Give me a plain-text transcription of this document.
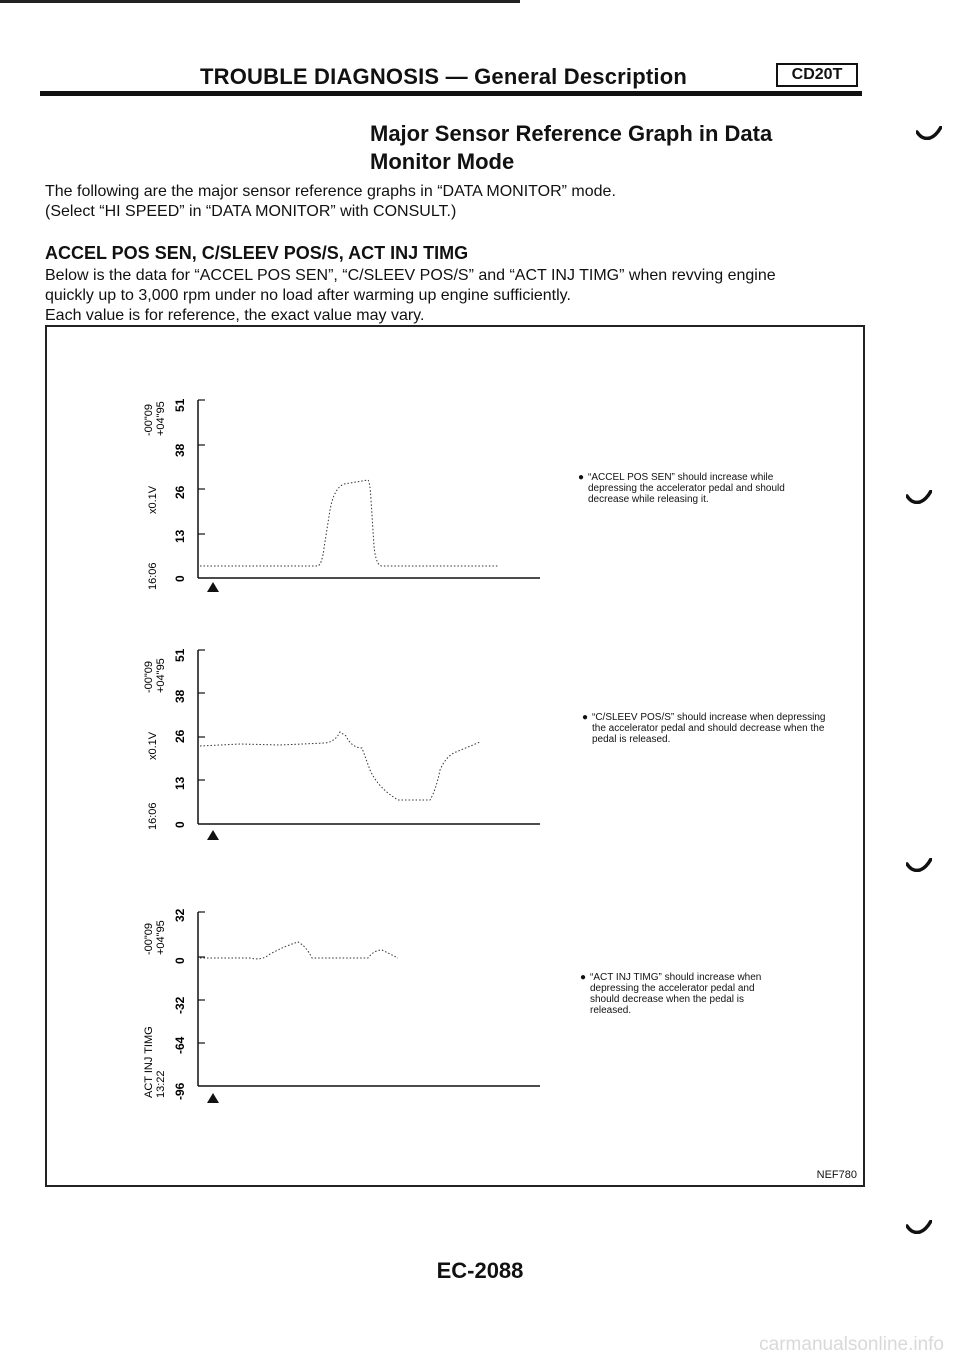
TROUBLE DIAGNOSIS — General Description	CD20T
Major Sensor Reference Graph in Data
Monitor Mode
The following are the major sensor reference graphs in “DATA MONITOR” mode.
(Select “HI SPEED” in “DATA MONITOR” with CONSULT.)
ACCEL POS SEN, C/SLEEV POS/S, ACT INJ TIMG
Below is the data for “ACCEL POS SEN”, “C/SLEEV POS/S” and “ACT INJ TIMG” when revving engine
quickly up to 3,000 rpm under no load after warming up engine sufficiently.
Each value is for reference, the exact value may vary.
NEF780
-00"09+04"95
x0.1V
16:06 0
13
26
38
51
-00"09+04"95
x0.1V
16:06 0
13
26
38
51
-00"09+04"95
ACT INJ TIMG13:22 -96
-64
-32
0
32
● “ACCEL POS SEN” should increase while depressing the accelerator pedal and should decrease while releasing it.
● “C/SLEEV POS/S” should increase when depressing the accelerator pedal and should decrease when the pedal is released.
● “ACT INJ TIMG” should increase when depressing the accelerator pedal and should decrease when the pedal is released.
EC-2088
carmanualsonline.info
